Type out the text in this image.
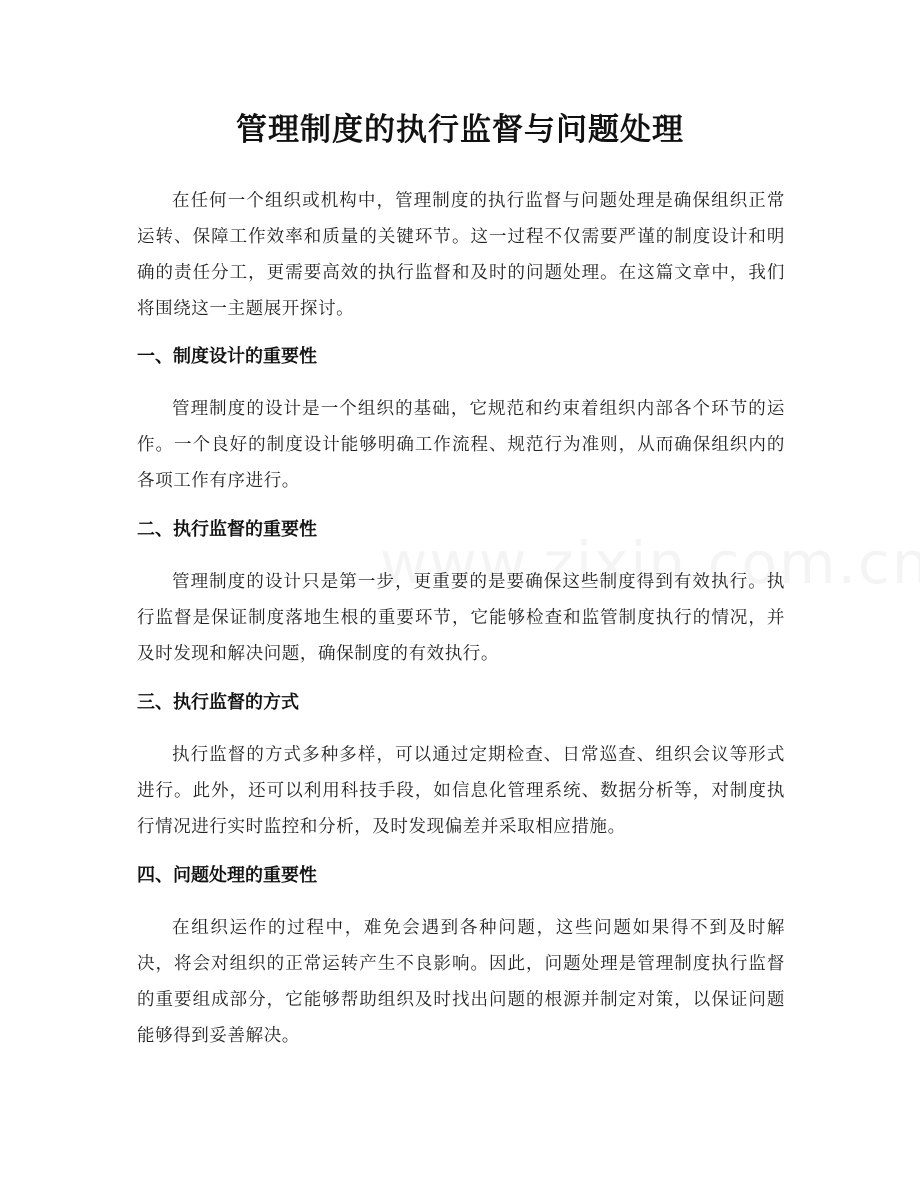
管理制度的执行监督与问题处理
在任何一个组织或机构中，管理制度的执行监督与问题处理是确保组织正常运转、保障工作效率和质量的关键环节。这一过程不仅需要严谨的制度设计和明确的责任分工，更需要高效的执行监督和及时的问题处理。在这篇文章中，我们将围绕这一主题展开探讨。
一、制度设计的重要性
管理制度的设计是一个组织的基础，它规范和约束着组织内部各个环节的运作。一个良好的制度设计能够明确工作流程、规范行为准则，从而确保组织内的各项工作有序进行。
二、执行监督的重要性
管理制度的设计只是第一步，更重要的是要确保这些制度得到有效执行。执行监督是保证制度落地生根的重要环节，它能够检查和监管制度执行的情况，并及时发现和解决问题，确保制度的有效执行。
三、执行监督的方式
执行监督的方式多种多样，可以通过定期检查、日常巡查、组织会议等形式进行。此外，还可以利用科技手段，如信息化管理系统、数据分析等，对制度执行情况进行实时监控和分析，及时发现偏差并采取相应措施。
四、问题处理的重要性
在组织运作的过程中，难免会遇到各种问题，这些问题如果得不到及时解决，将会对组织的正常运转产生不良影响。因此，问题处理是管理制度执行监督的重要组成部分，它能够帮助组织及时找出问题的根源并制定对策，以保证问题能够得到妥善解决。
